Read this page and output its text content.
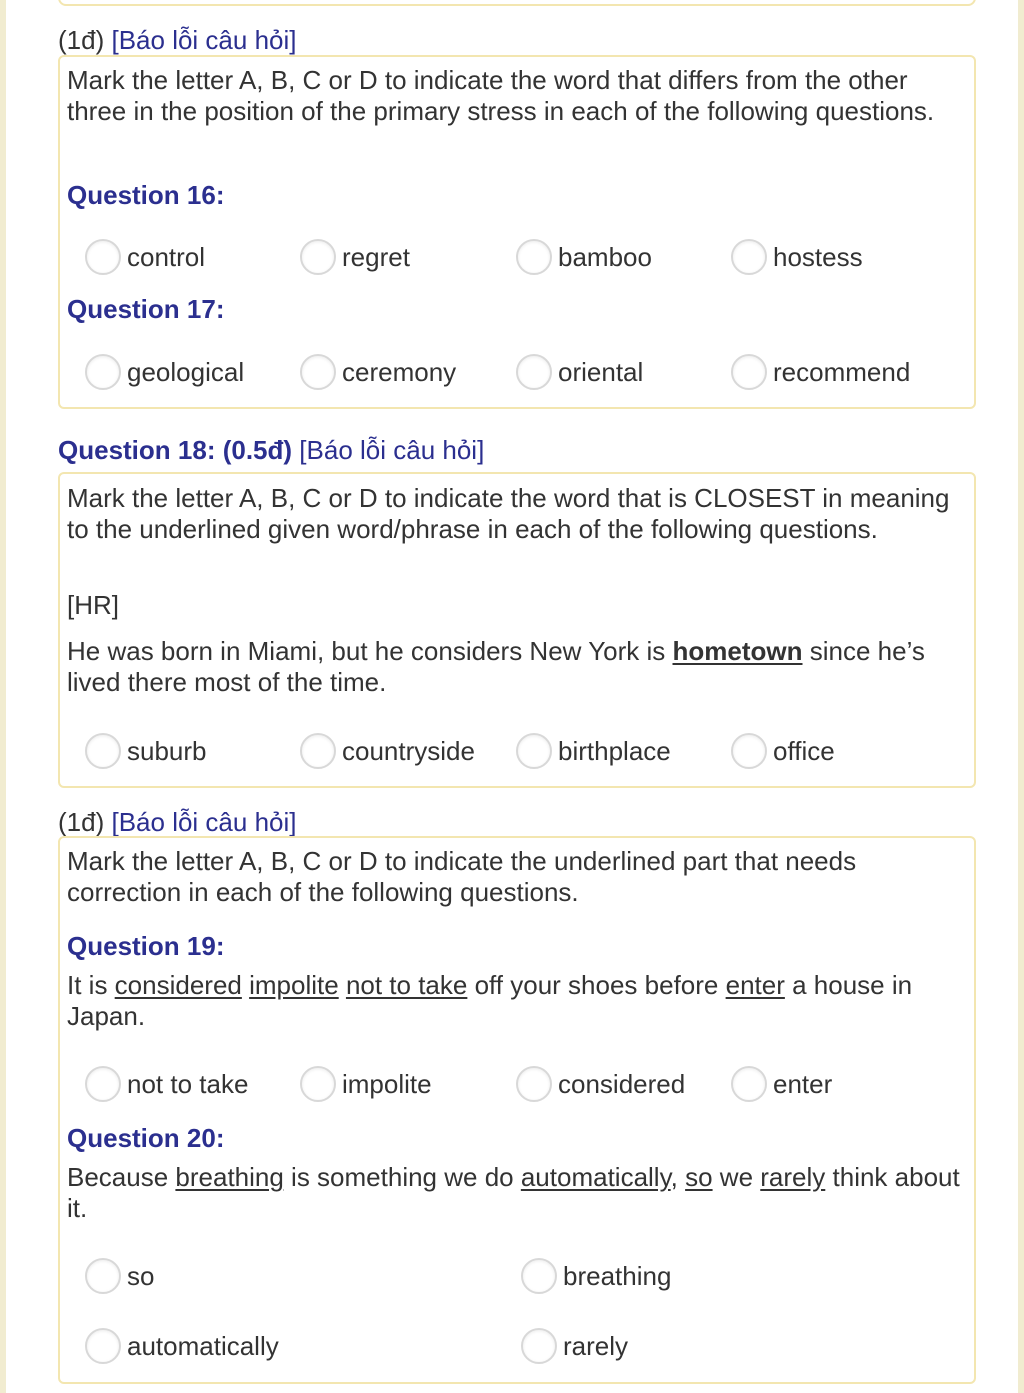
(1đ) [Báo lỗi câu hỏi]
Mark the letter A, B, C or D to indicate the word that differs from the other three in the position of the primary stress in each of the following questions.
Question 16:
control	regret	bamboo	hostess
Question 17:
geological	ceremony	oriental	recommend
Question 18: (0.5đ) [Báo lỗi câu hỏi]
Mark the letter A, B, C or D to indicate the word that is CLOSEST in meaning to the underlined given word/phrase in each of the following questions.
[HR]
He was born in Miami, but he considers New York is hometown since he’s lived there most of the time.
suburb	countryside	birthplace	office
(1đ) [Báo lỗi câu hỏi]
Mark the letter A, B, C or D to indicate the underlined part that needs correction in each of the following questions.
Question 19:
It is considered impolite not to take off your shoes before enter a house in Japan.
not to take	impolite	considered	enter
Question 20:
Because breathing is something we do automatically, so we rarely think about it.
so	breathing
automatically	rarely
